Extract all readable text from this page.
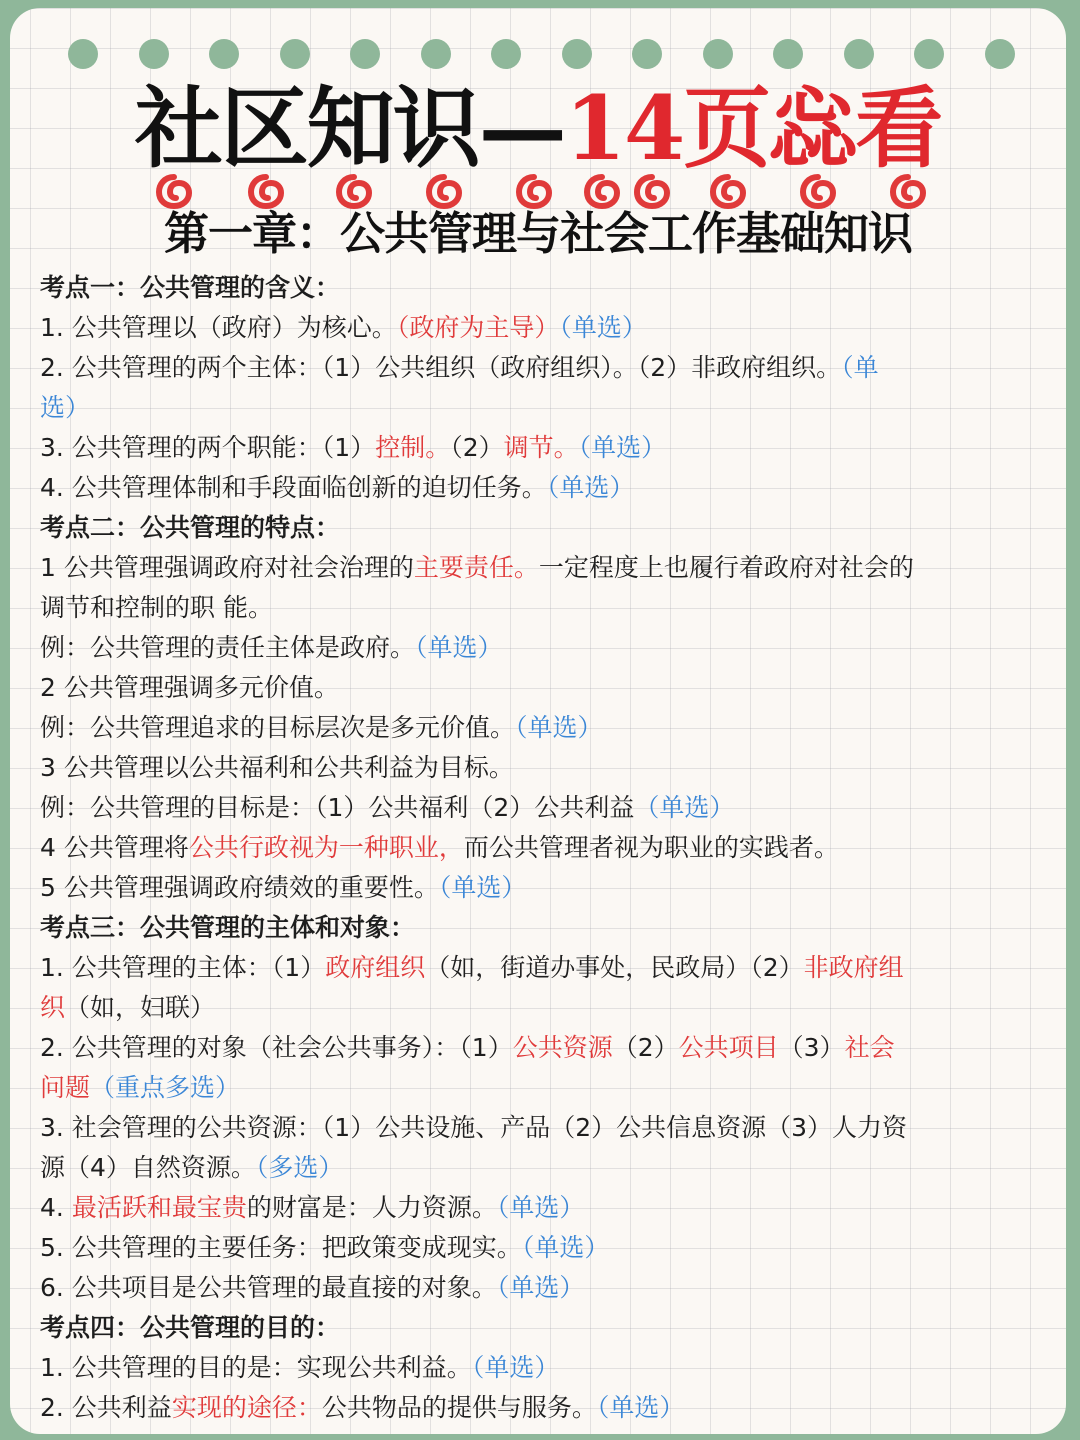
社区知识—14页惢看
第一章：公共管理与社会工作基础知识
考点一：公共管理的含义：
1. 公共管理以（政府）为核心。（政府为主导）（单选）
2. 公共管理的两个主体：（1）公共组织（政府组织）。（2）非政府组织。（单
选）
3. 公共管理的两个职能：（1）控制。（2）调节。（单选）
4. 公共管理体制和手段面临创新的迫切任务。（单选）
考点二：公共管理的特点：
1 公共管理强调政府对社会治理的主要责任。一定程度上也履行着政府对社会的
调节和控制的职 能。
例：公共管理的责任主体是政府。（单选）
2 公共管理强调多元价值。
例：公共管理追求的目标层次是多元价值。（单选）
3 公共管理以公共福利和公共利益为目标。
例：公共管理的目标是：（1）公共福利（2）公共利益（单选）
4 公共管理将公共行政视为一种职业，而公共管理者视为职业的实践者。
5 公共管理强调政府绩效的重要性。（单选）
考点三：公共管理的主体和对象：
1. 公共管理的主体：（1）政府组织（如，街道办事处，民政局）（2）非政府组
织（如，妇联）
2. 公共管理的对象（社会公共事务）：（1）公共资源（2）公共项目（3）社会
问题（重点多选）
3. 社会管理的公共资源：（1）公共设施、产品（2）公共信息资源（3）人力资
源（4）自然资源。（多选）
4. 最活跃和最宝贵的财富是：人力资源。（单选）
5. 公共管理的主要任务：把政策变成现实。（单选）
6. 公共项目是公共管理的最直接的对象。（单选）
考点四：公共管理的目的：
1. 公共管理的目的是：实现公共利益。（单选）
2. 公共利益实现的途径：公共物品的提供与服务。（单选）
